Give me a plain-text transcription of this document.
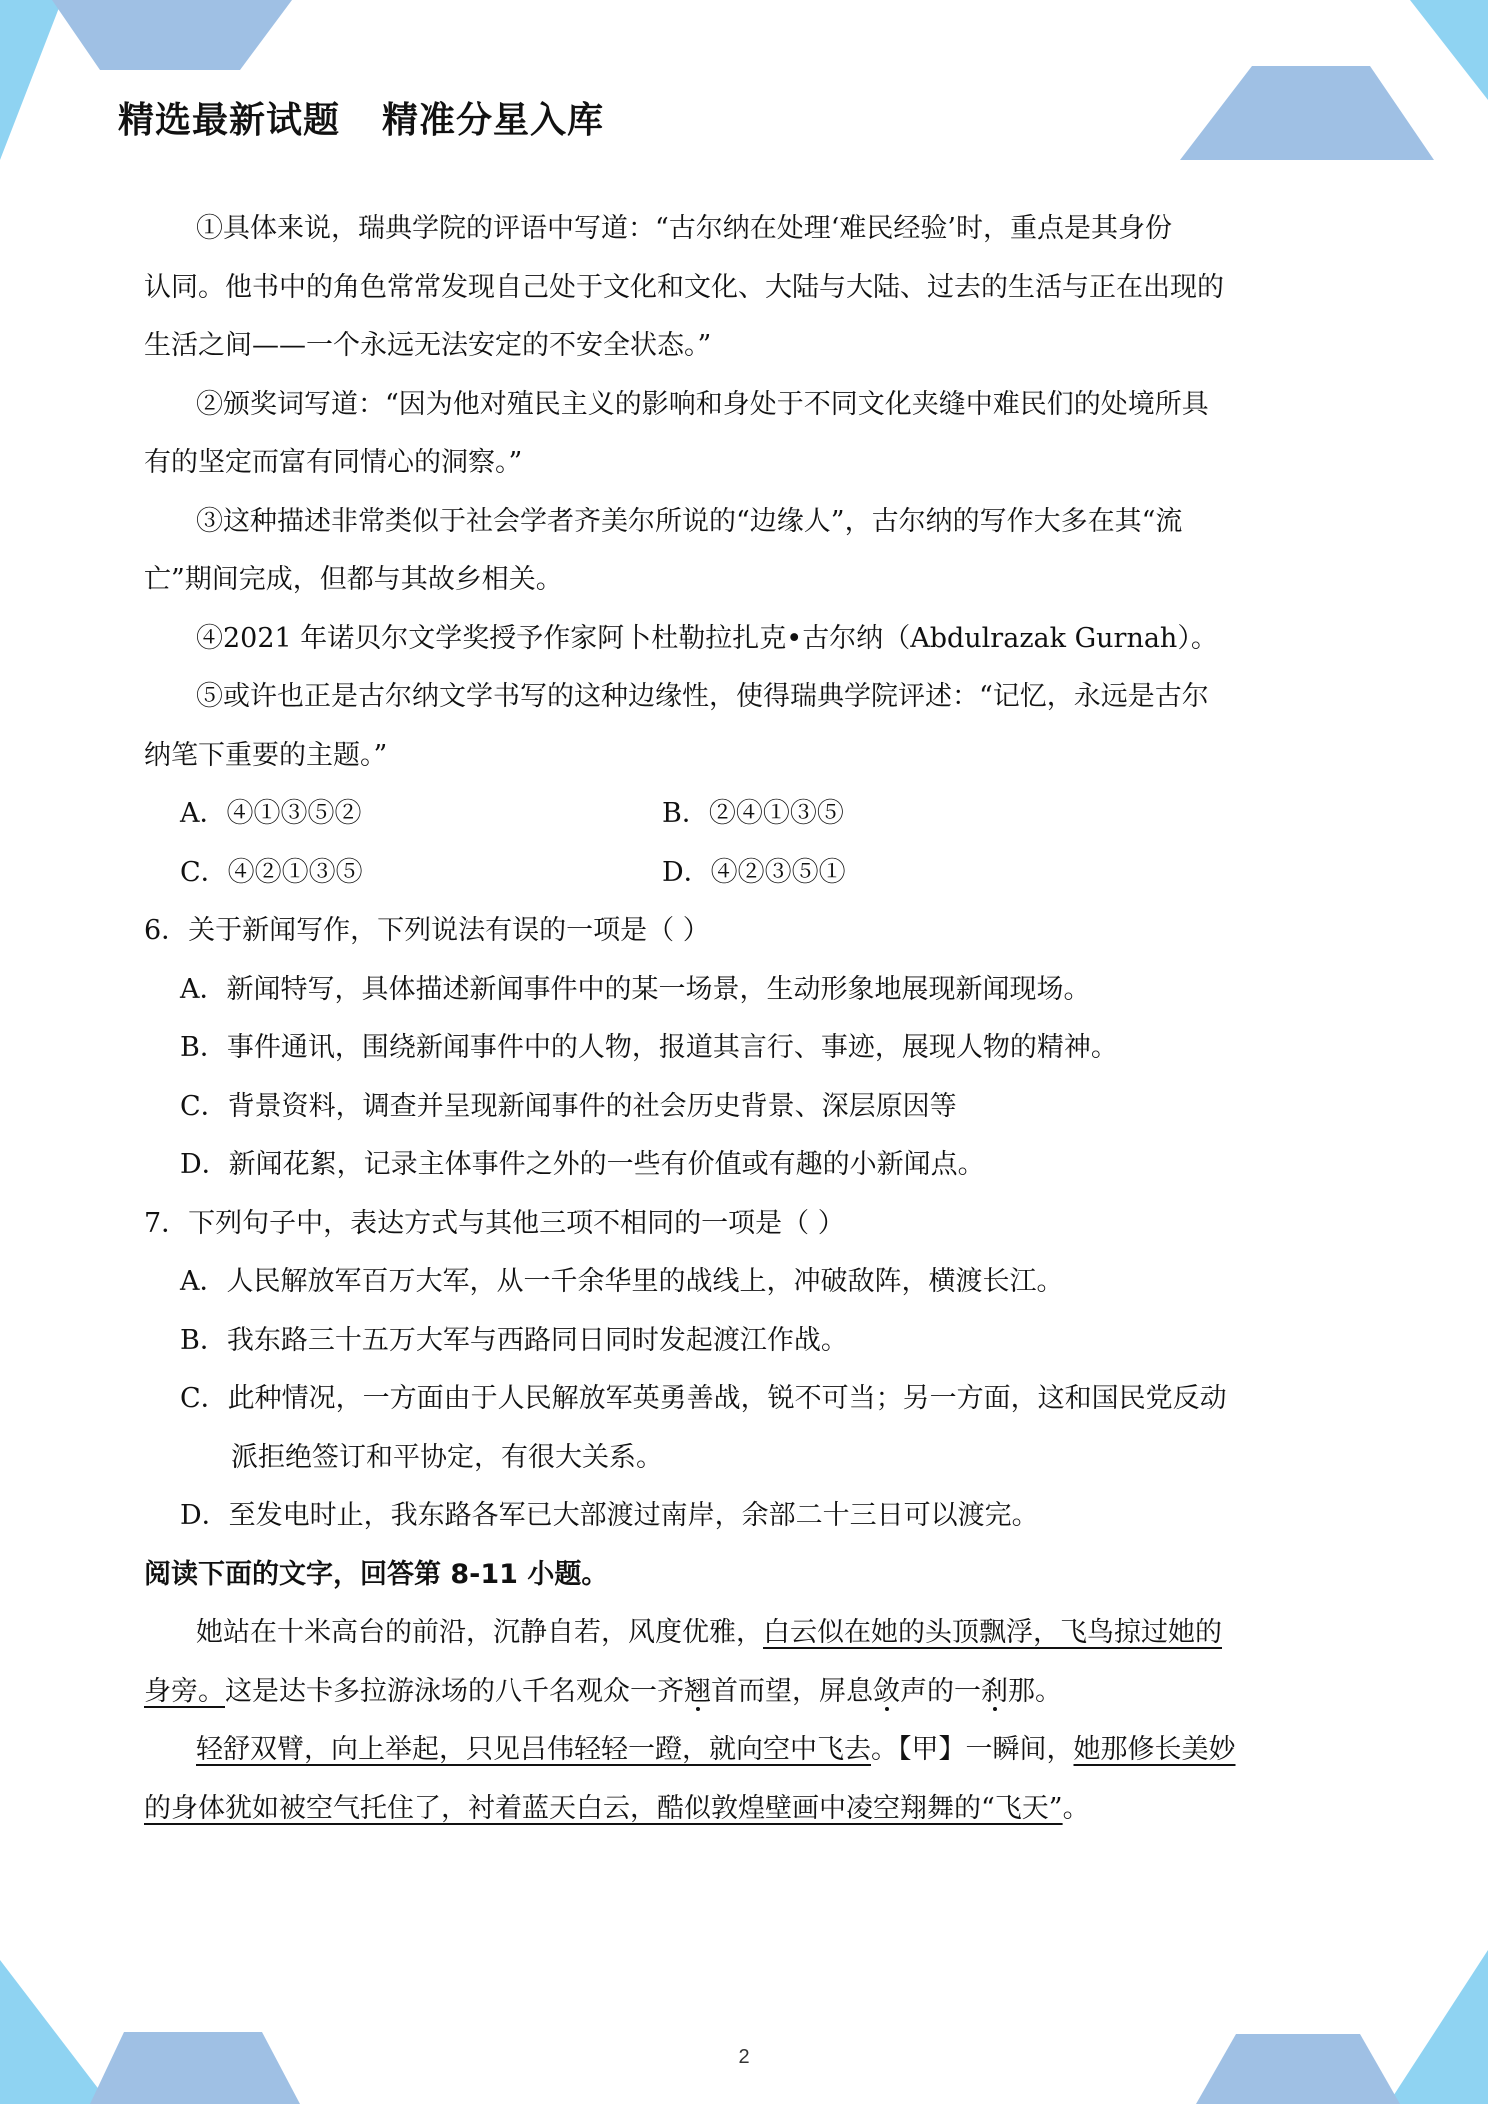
精选最新试题 精准分星入库
①具体来说，瑞典学院的评语中写道：“古尔纳在处理‘难民经验’时，重点是其身份
认同。他书中的角色常常发现自己处于文化和文化、大陆与大陆、过去的生活与正在出现的
生活之间——一个永远无法安定的不安全状态。”
②颁奖词写道：“因为他对殖民主义的影响和身处于不同文化夹缝中难民们的处境所具
有的坚定而富有同情心的洞察。”
③这种描述非常类似于社会学者齐美尔所说的“边缘人”，古尔纳的写作大多在其“流
亡”期间完成，但都与其故乡相关。
④2021 年诺贝尔文学奖授予作家阿卜杜勒拉扎克•古尔纳（Abdulrazak Gurnah）。
⑤或许也正是古尔纳文学书写的这种边缘性，使得瑞典学院评述：“记忆，永远是古尔
纳笔下重要的主题。”
A．④①③⑤②	B．②④①③⑤
C．④②①③⑤	D．④②③⑤①
6．关于新闻写作，下列说法有误的一项是（ ）
A．新闻特写，具体描述新闻事件中的某一场景，生动形象地展现新闻现场。
B．事件通讯，围绕新闻事件中的人物，报道其言行、事迹，展现人物的精神。
C．背景资料，调查并呈现新闻事件的社会历史背景、深层原因等
D．新闻花絮，记录主体事件之外的一些有价值或有趣的小新闻点。
7．下列句子中，表达方式与其他三项不相同的一项是（ ）
A．人民解放军百万大军，从一千余华里的战线上，冲破敌阵，横渡长江。
B．我东路三十五万大军与西路同日同时发起渡江作战。
C．此种情况，一方面由于人民解放军英勇善战，锐不可当；另一方面，这和国民党反动
派拒绝签订和平协定，有很大关系。
D．至发电时止，我东路各军已大部渡过南岸，余部二十三日可以渡完。
阅读下面的文字，回答第 8-11 小题。
她站在十米高台的前沿，沉静自若，风度优雅，白云似在她的头顶飘浮，飞鸟掠过她的
身旁。这是达卡多拉游泳场的八千名观众一齐翘首而望，屏息敛声的一刹那。
轻舒双臂，向上举起，只见吕伟轻轻一蹬，就向空中飞去。【甲】一瞬间，她那修长美妙
的身体犹如被空气托住了，衬着蓝天白云，酷似敦煌壁画中凌空翔舞的“飞天”。
2
